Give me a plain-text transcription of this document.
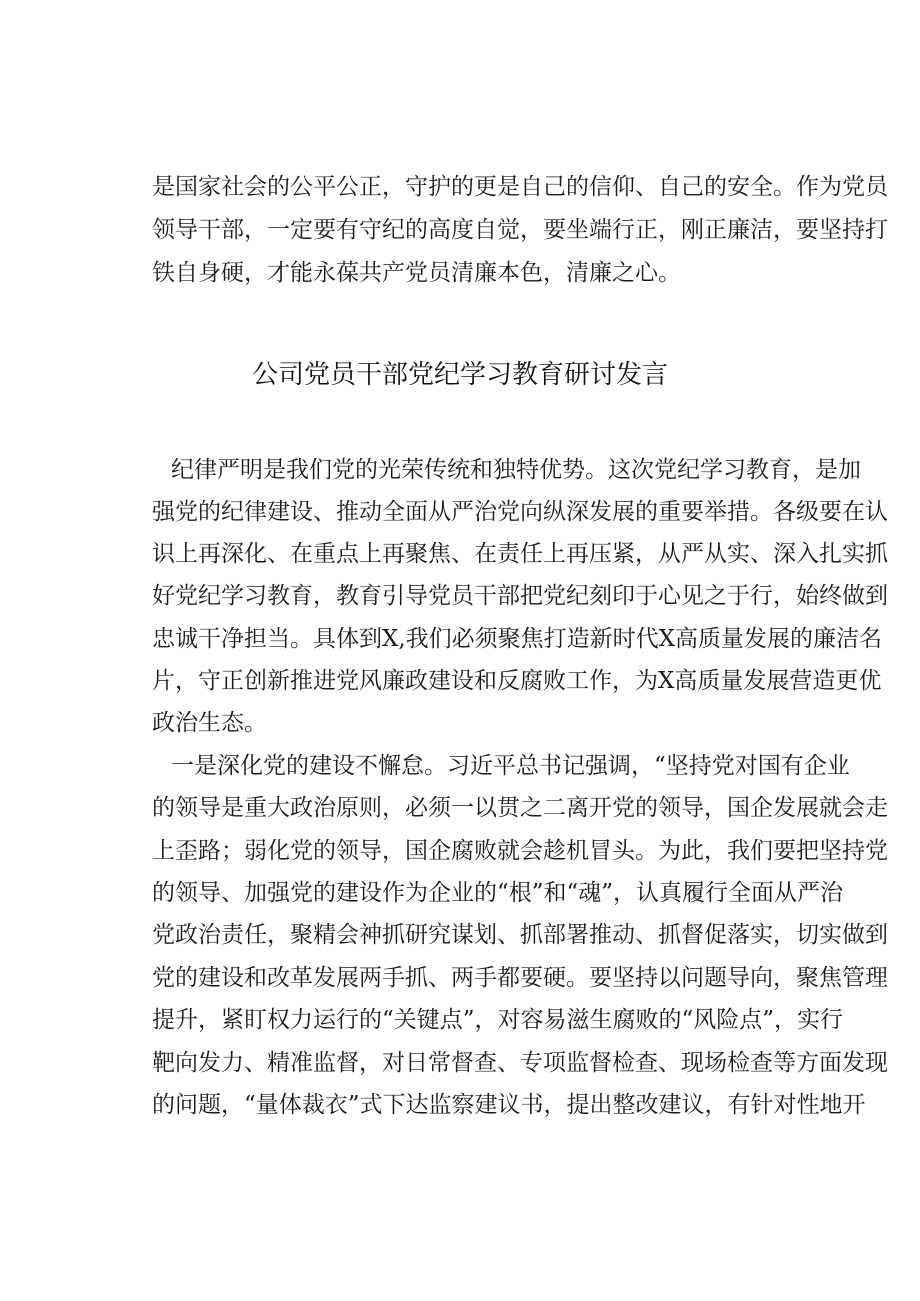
是国家社会的公平公正，守护的更是自己的信仰、自己的安全。作为党员
领导干部，一定要有守纪的高度自觉，要坐端行正，刚正廉洁，要坚持打
铁自身硬，才能永葆共产党员清廉本色，清廉之心。
公司党员干部党纪学习教育研讨发言
纪律严明是我们党的光荣传统和独特优势。这次党纪学习教育，是加
强党的纪律建设、推动全面从严治党向纵深发展的重要举措。各级要在认
识上再深化、在重点上再聚焦、在责任上再压紧，从严从实、深入扎实抓
好党纪学习教育，教育引导党员干部把党纪刻印于心见之于行，始终做到
忠诚干净担当。具体到X,我们必须聚焦打造新时代X高质量发展的廉洁名
片，守正创新推进党风廉政建设和反腐败工作，为X高质量发展营造更优
政治生态。
一是深化党的建设不懈怠。习近平总书记强调，“坚持党对国有企业
的领导是重大政治原则，必须一以贯之二离开党的领导，国企发展就会走
上歪路；弱化党的领导，国企腐败就会趁机冒头。为此，我们要把坚持党
的领导、加强党的建设作为企业的“根”和“魂”，认真履行全面从严治
党政治责任，聚精会神抓研究谋划、抓部署推动、抓督促落实，切实做到
党的建设和改革发展两手抓、两手都要硬。要坚持以问题导向，聚焦管理
提升，紧盯权力运行的“关键点”，对容易滋生腐败的“风险点”，实行
靶向发力、精准监督，对日常督查、专项监督检查、现场检查等方面发现
的问题，“量体裁衣”式下达监察建议书，提出整改建议，有针对性地开
